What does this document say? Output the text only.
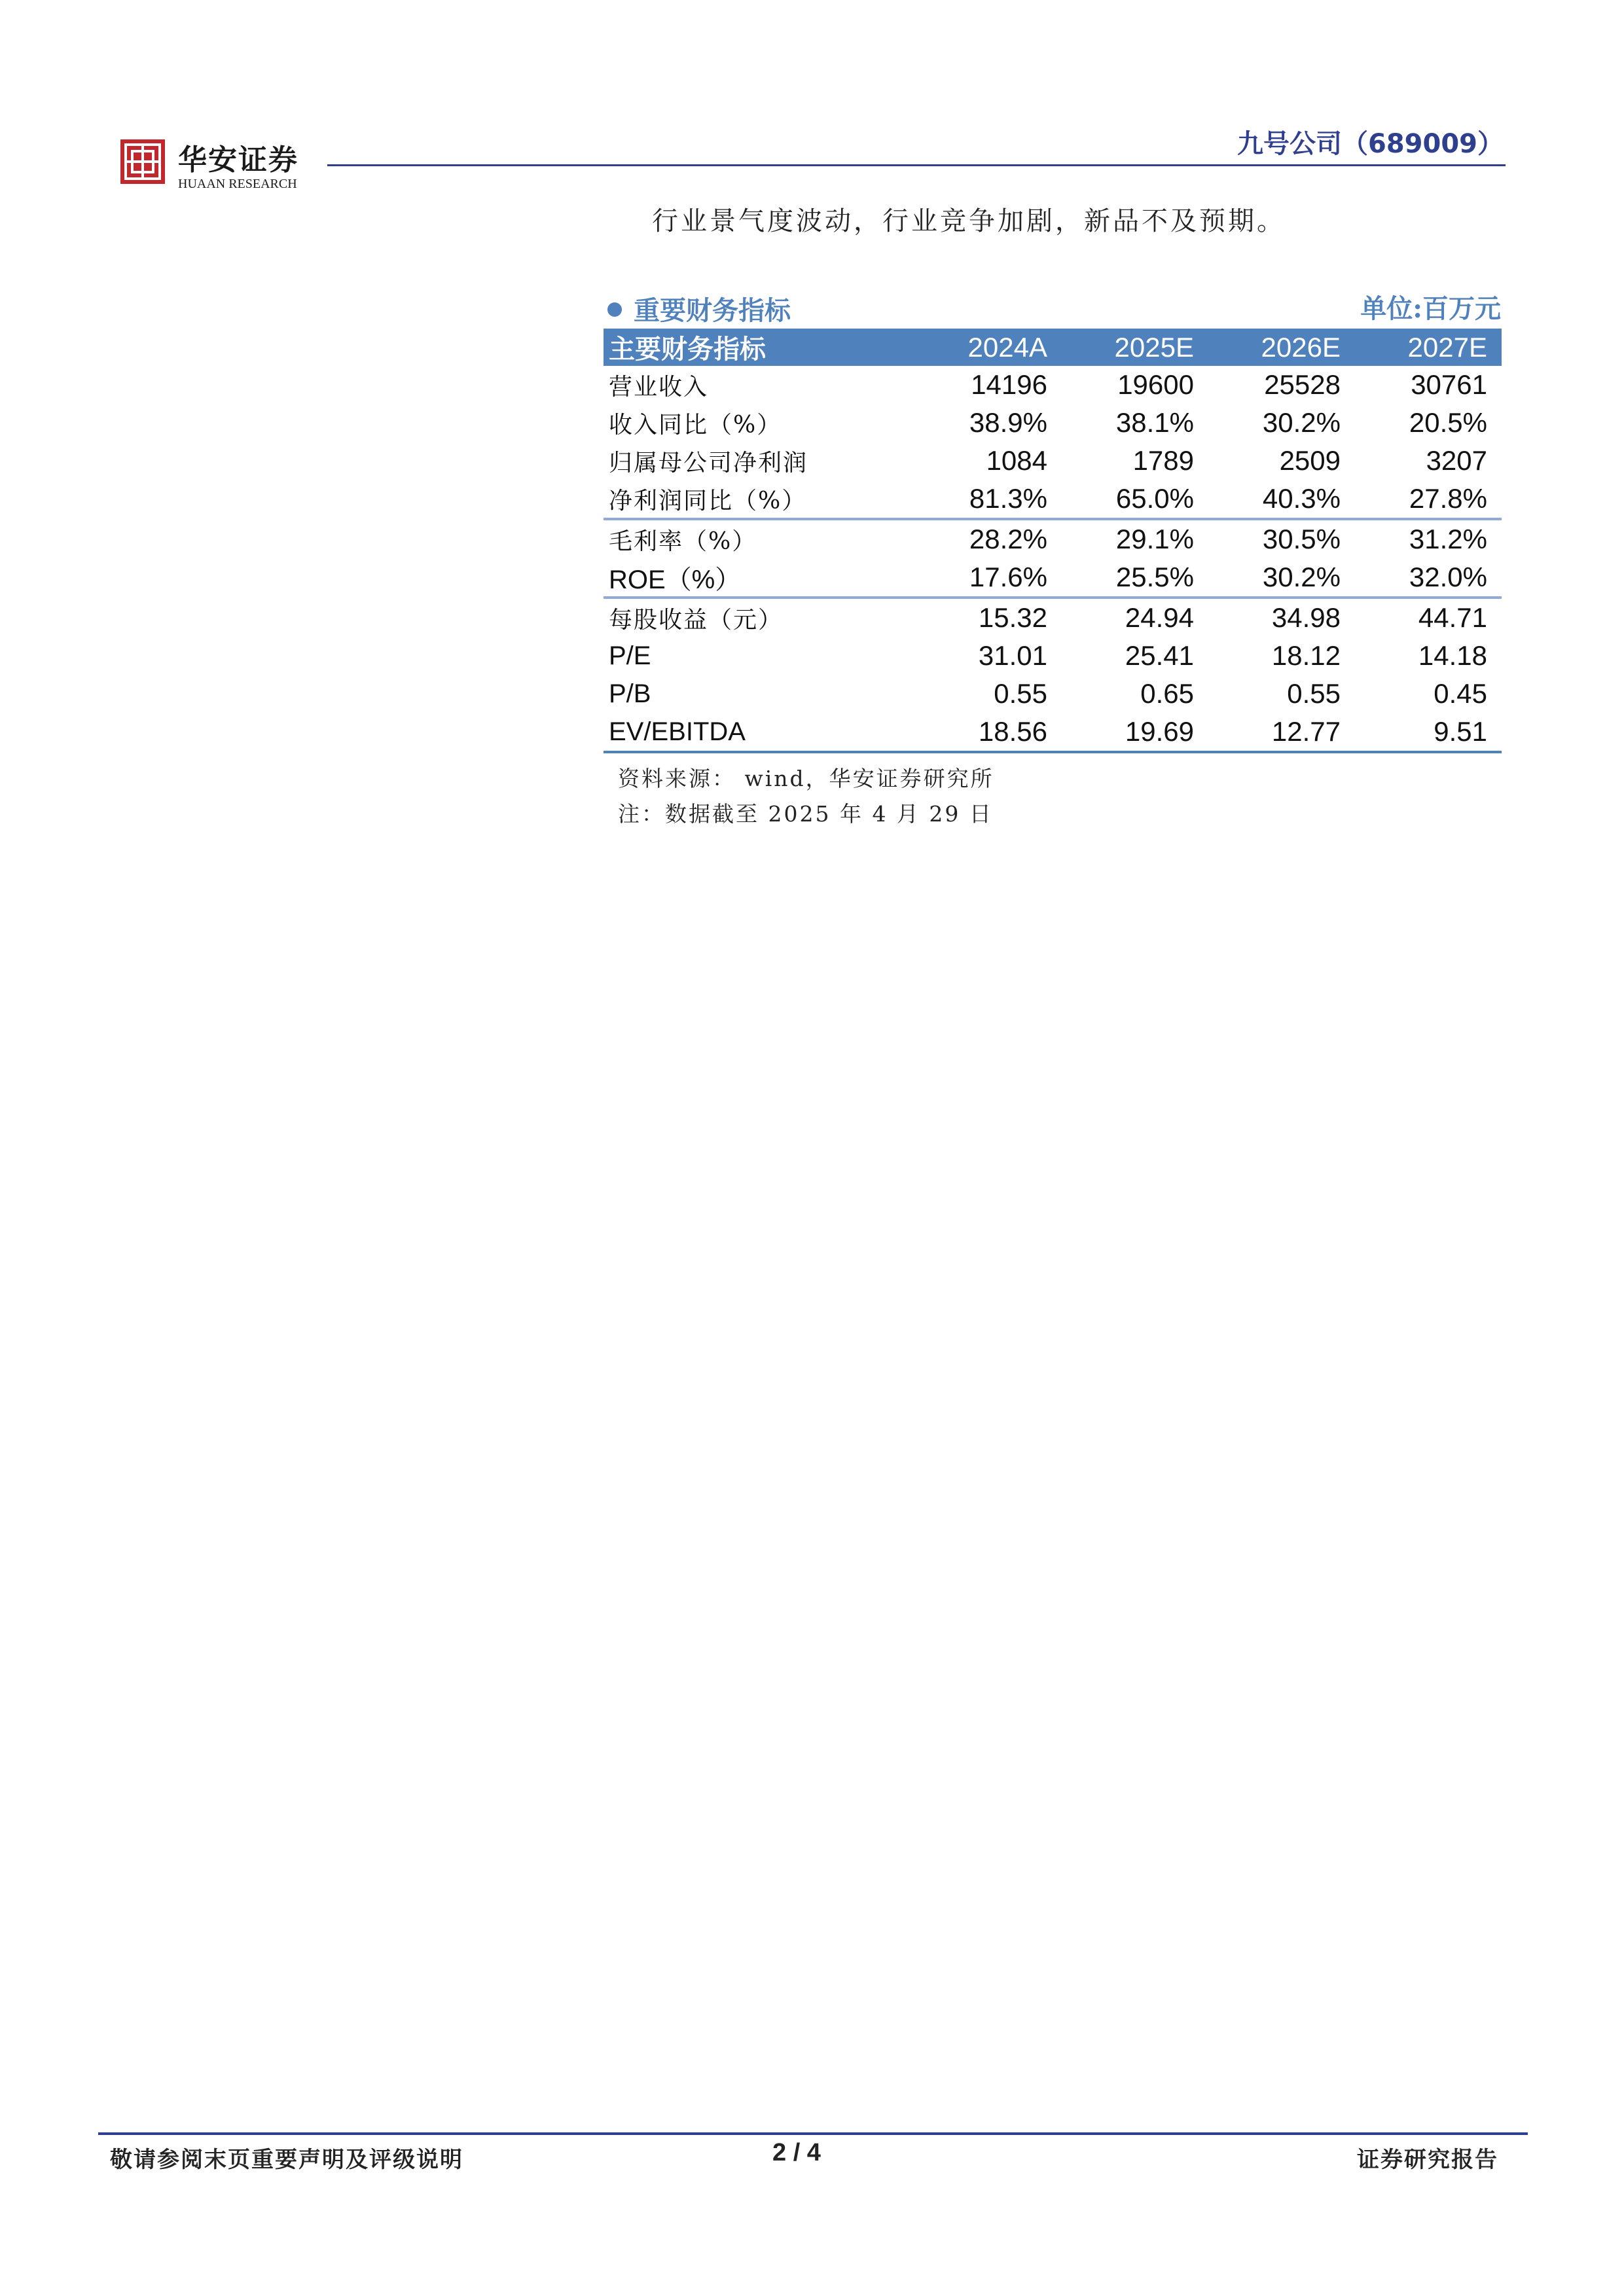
华安证券
HUAAN RESEARCH
九号公司（689009）
行业景气度波动，行业竞争加剧，新品不及预期。
重要财务指标	单位:百万元
主要财务指标	2024A	2025E	2026E	2027E
营业收入	14196	19600	25528	30761
收入同比（%）	38.9%	38.1%	30.2%	20.5%
归属母公司净利润	1084	1789	2509	3207
净利润同比（%）	81.3%	65.0%	40.3%	27.8%
毛利率（%）	28.2%	29.1%	30.5%	31.2%
ROE（%）	17.6%	25.5%	30.2%	32.0%
每股收益（元）	15.32	24.94	34.98	44.71
P/E	31.01	25.41	18.12	14.18
P/B	0.55	0.65	0.55	0.45
EV/EBITDA	18.56	19.69	12.77	9.51
资料来源： wind，华安证券研究所
注：数据截至 2025 年 4 月 29 日
敬请参阅末页重要声明及评级说明	2 / 4	证券研究报告
